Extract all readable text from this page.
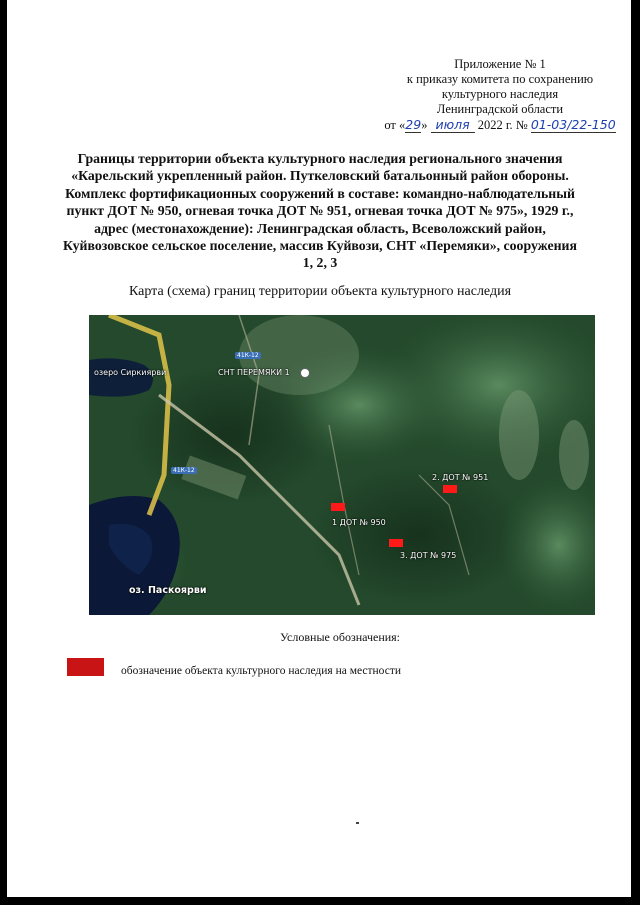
Приложение № 1
к приказу комитета по сохранению
культурного наследия
Ленинградской области
от «29» июля 2022 г. № 01-03/22-150
Границы территории объекта культурного наследия регионального значения «Карельский укрепленный район. Путкеловский батальонный район обороны. Комплекс фортификационных сооружений в составе: командно-наблюдательный пункт ДОТ № 950, огневая точка ДОТ № 951, огневая точка ДОТ № 975», 1929 г., адрес (местонахождение): Ленинградская область, Всеволожский район, Куйвозовское сельское поселение, массив Куйвози, СНТ «Перемяки», сооружения 1, 2, 3
Карта (схема) границ территории объекта культурного наследия
41К-12
41К-12
озеро Сиркиярви	СНТ ПЕРЕМЯКИ 1
оз. Паскоярви
1 ДОТ № 950
2. ДОТ № 951
3. ДОТ № 975
Условные обозначения:
обозначение объекта культурного наследия на местности
